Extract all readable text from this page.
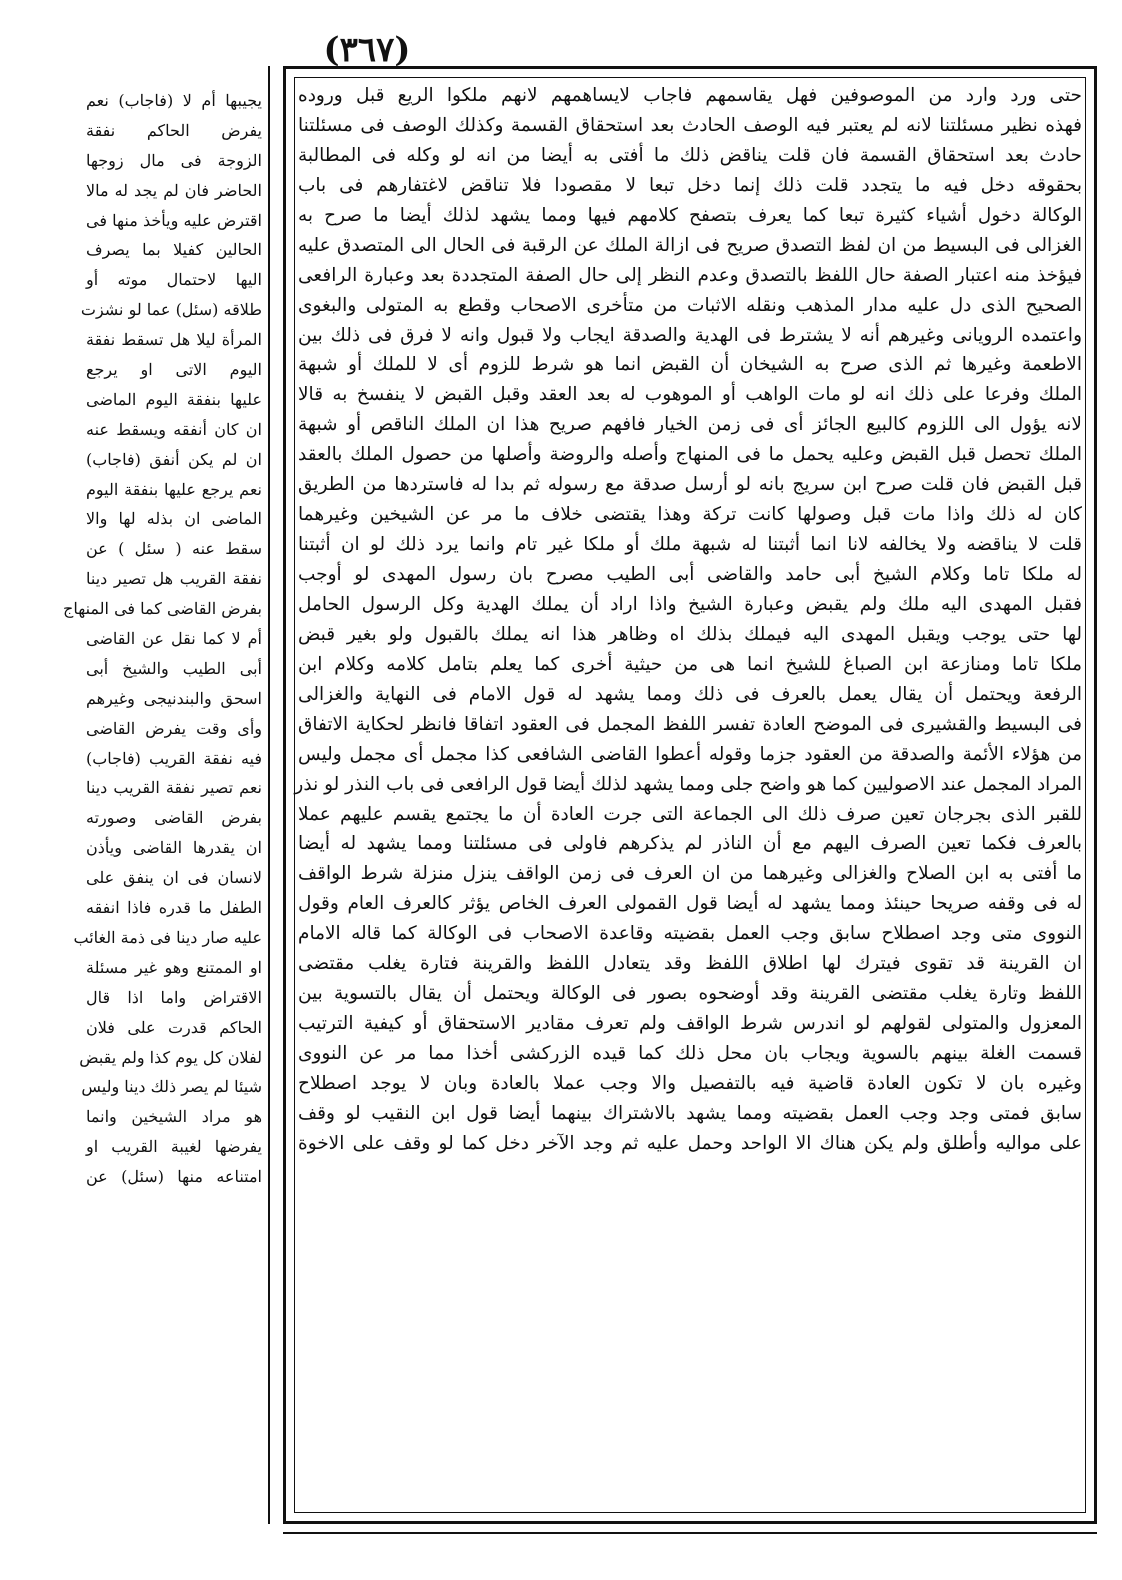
(٣٦٧)
يجيبها أم لا (فاجاب) نعم
يفرض الحاكم نفقة
الزوجة فى مال زوجها
الحاضر فان لم يجد له مالا
اقترض عليه ويأخذ منها فى
الحالين كفيلا بما يصرف
اليها لاحتمال موته أو
طلاقه (سئل) عما لو نشزت
المرأة ليلا هل تسقط نفقة
اليوم الاتى او يرجع
عليها بنفقة اليوم الماضى
ان كان أنفقه ويسقط عنه
ان لم يكن أنفق (فاجاب)
نعم يرجع عليها بنفقة اليوم
الماضى ان بذله لها والا
سقط عنه ( سئل ) عن
نفقة القريب هل تصير دينا
بفرض القاضى كما فى المنهاج
أم لا كما نقل عن القاضى
أبى الطيب والشيخ أبى
اسحق والبندنيجى وغيرهم
وأى وقت يفرض القاضى
فيه نفقة القريب (فاجاب)
نعم تصير نفقة القريب دينا
بفرض القاضى وصورته
ان يقدرها القاضى ويأذن
لانسان فى ان ينفق على
الطفل ما قدره فاذا انفقه
عليه صار دينا فى ذمة الغائب
او الممتنع وهو غير مسئلة
الاقتراض واما اذا قال
الحاكم قدرت على فلان
لفلان كل يوم كذا ولم يقبض
شيئا لم يصر ذلك دينا وليس
هو مراد الشيخين وانما
يفرضها لغيبة القريب او
امتناعه منها (سئل) عن
حتى ورد وارد من الموصوفين فهل يقاسمهم فاجاب لايساهمهم لانهم ملكوا الريع قبل وروده
فهذه نظير مسئلتنا لانه لم يعتبر فيه الوصف الحادث بعد استحقاق القسمة وكذلك الوصف فى مسئلتنا
حادث بعد استحقاق القسمة فان قلت يناقض ذلك ما أفتى به أيضا من انه لو وكله فى المطالبة
بحقوقه دخل فيه ما يتجدد قلت ذلك إنما دخل تبعا لا مقصودا فلا تناقض لاغتفارهم فى باب
الوكالة دخول أشياء كثيرة تبعا كما يعرف بتصفح كلامهم فيها ومما يشهد لذلك أيضا ما صرح به
الغزالى فى البسيط من ان لفظ التصدق صريح فى ازالة الملك عن الرقبة فى الحال الى المتصدق عليه
فيؤخذ منه اعتبار الصفة حال اللفظ بالتصدق وعدم النظر إلى حال الصفة المتجددة بعد وعبارة الرافعى
الصحيح الذى دل عليه مدار المذهب ونقله الاثبات من متأخرى الاصحاب وقطع به المتولى والبغوى
واعتمده الرويانى وغيرهم أنه لا يشترط فى الهدية والصدقة ايجاب ولا قبول وانه لا فرق فى ذلك بين
الاطعمة وغيرها ثم الذى صرح به الشيخان أن القبض انما هو شرط للزوم أى لا للملك أو شبهة
الملك وفرعا على ذلك انه لو مات الواهب أو الموهوب له بعد العقد وقبل القبض لا ينفسخ به قالا
لانه يؤول الى اللزوم كالبيع الجائز أى فى زمن الخيار فافهم صريح هذا ان الملك الناقص أو شبهة
الملك تحصل قبل القبض وعليه يحمل ما فى المنهاج وأصله والروضة وأصلها من حصول الملك بالعقد
قبل القبض فان قلت صرح ابن سريج بانه لو أرسل صدقة مع رسوله ثم بدا له فاستردها من الطريق
كان له ذلك واذا مات قبل وصولها كانت تركة وهذا يقتضى خلاف ما مر عن الشيخين وغيرهما
قلت لا يناقضه ولا يخالفه لانا انما أثبتنا له شبهة ملك أو ملكا غير تام وانما يرد ذلك لو ان أثبتنا
له ملكا تاما وكلام الشيخ أبى حامد والقاضى أبى الطيب مصرح بان رسول المهدى لو أوجب
فقبل المهدى اليه ملك ولم يقبض وعبارة الشيخ واذا اراد أن يملك الهدية وكل الرسول الحامل
لها حتى يوجب ويقبل المهدى اليه فيملك بذلك اه وظاهر هذا انه يملك بالقبول ولو بغير قبض
ملكا تاما ومنازعة ابن الصباغ للشيخ انما هى من حيثية أخرى كما يعلم بتامل كلامه وكلام ابن
الرفعة ويحتمل أن يقال يعمل بالعرف فى ذلك ومما يشهد له قول الامام فى النهاية والغزالى
فى البسيط والقشيرى فى الموضح العادة تفسر اللفظ المجمل فى العقود اتفاقا فانظر لحكاية الاتفاق
من هؤلاء الأئمة والصدقة من العقود جزما وقوله أعطوا القاضى الشافعى كذا مجمل أى مجمل وليس
المراد المجمل عند الاصوليين كما هو واضح جلى ومما يشهد لذلك أيضا قول الرافعى فى باب النذر لو نذر
للقبر الذى بجرجان تعين صرف ذلك الى الجماعة التى جرت العادة أن ما يجتمع يقسم عليهم عملا
بالعرف فكما تعين الصرف اليهم مع أن الناذر لم يذكرهم فاولى فى مسئلتنا ومما يشهد له أيضا
ما أفتى به ابن الصلاح والغزالى وغيرهما من ان العرف فى زمن الواقف ينزل منزلة شرط الواقف
له فى وقفه صريحا حينئذ ومما يشهد له أيضا قول القمولى العرف الخاص يؤثر كالعرف العام وقول
النووى متى وجد اصطلاح سابق وجب العمل بقضيته وقاعدة الاصحاب فى الوكالة كما قاله الامام
ان القرينة قد تقوى فيترك لها اطلاق اللفظ وقد يتعادل اللفظ والقرينة فتارة يغلب مقتضى
اللفظ وتارة يغلب مقتضى القرينة وقد أوضحوه بصور فى الوكالة ويحتمل أن يقال بالتسوية بين
المعزول والمتولى لقولهم لو اندرس شرط الواقف ولم تعرف مقادير الاستحقاق أو كيفية الترتيب
قسمت الغلة بينهم بالسوية ويجاب بان محل ذلك كما قيده الزركشى أخذا مما مر عن النووى
وغيره بان لا تكون العادة قاضية فيه بالتفصيل والا وجب عملا بالعادة وبان لا يوجد اصطلاح
سابق فمتى وجد وجب العمل بقضيته ومما يشهد بالاشتراك بينهما أيضا قول ابن النقيب لو وقف
على مواليه وأطلق ولم يكن هناك الا الواحد وحمل عليه ثم وجد الآخر دخل كما لو وقف على الاخوة
